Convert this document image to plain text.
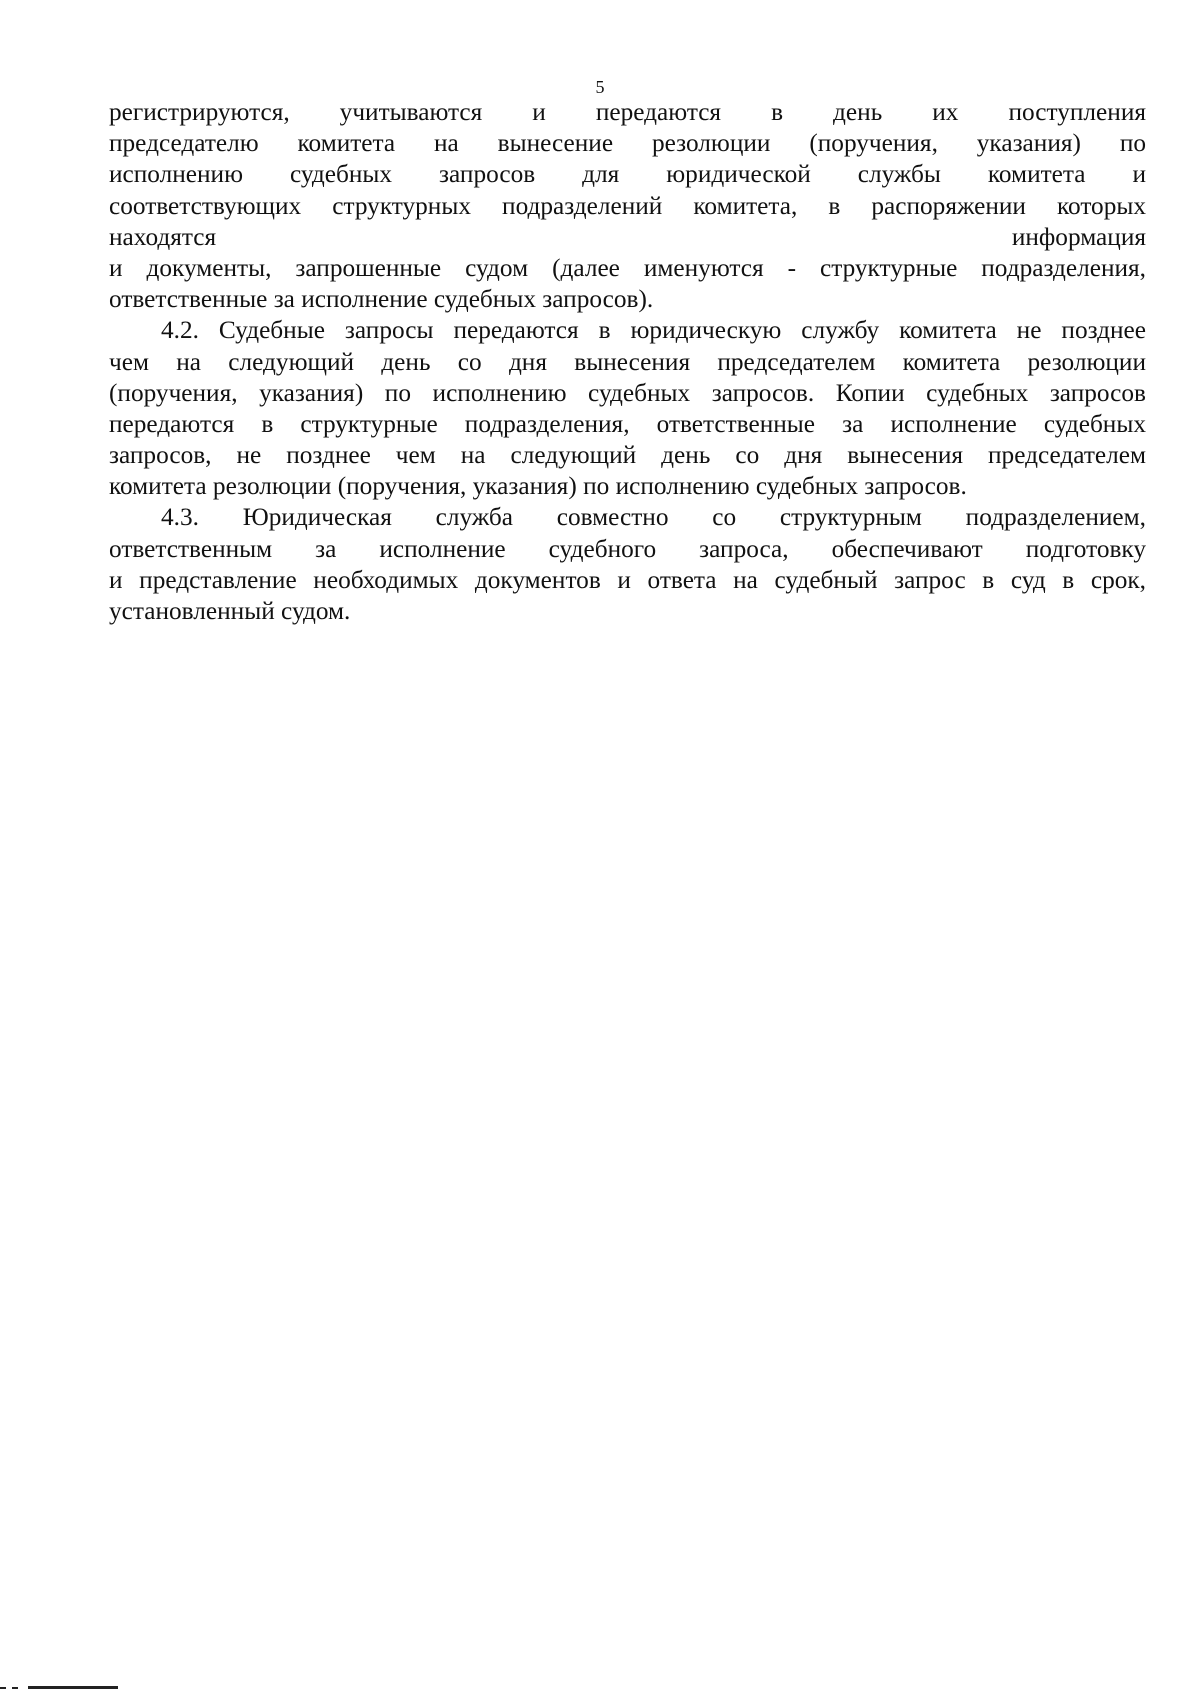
5
регистрируются, учитываются и передаются в день их поступления
председателю комитета на вынесение резолюции (поручения, указания) по
исполнению судебных запросов для юридической службы комитета и
соответствующих структурных подразделений комитета, в распоряжении которых
находятся информация
и документы, запрошенные судом (далее именуются - структурные подразделения,
ответственные за исполнение судебных запросов).
4.2. Судебные запросы передаются в юридическую службу комитета не позднее
чем на следующий день со дня вынесения председателем комитета резолюции
(поручения, указания) по исполнению судебных запросов. Копии судебных запросов
передаются в структурные подразделения, ответственные за исполнение судебных
запросов, не позднее чем на следующий день со дня вынесения председателем
комитета резолюции (поручения, указания) по исполнению судебных запросов.
4.3. Юридическая служба совместно со структурным подразделением,
ответственным за исполнение судебного запроса, обеспечивают подготовку
и представление необходимых документов и ответа на судебный запрос в суд в срок,
установленный судом.
